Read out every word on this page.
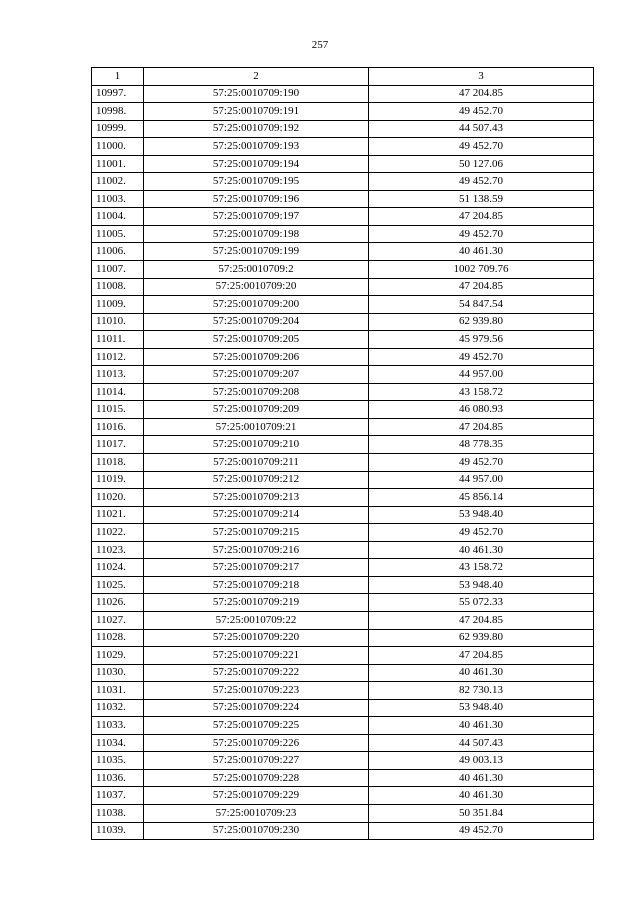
257
1	2	3
10997.	57:25:0010709:190	47 204.85
10998.	57:25:0010709:191	49 452.70
10999.	57:25:0010709:192	44 507.43
11000.	57:25:0010709:193	49 452.70
11001.	57:25:0010709:194	50 127.06
11002.	57:25:0010709:195	49 452.70
11003.	57:25:0010709:196	51 138.59
11004.	57:25:0010709:197	47 204.85
11005.	57:25:0010709:198	49 452.70
11006.	57:25:0010709:199	40 461.30
11007.	57:25:0010709:2	1002 709.76
11008.	57:25:0010709:20	47 204.85
11009.	57:25:0010709:200	54 847.54
11010.	57:25:0010709:204	62 939.80
11011.	57:25:0010709:205	45 979.56
11012.	57:25:0010709:206	49 452.70
11013.	57:25:0010709:207	44 957.00
11014.	57:25:0010709:208	43 158.72
11015.	57:25:0010709:209	46 080.93
11016.	57:25:0010709:21	47 204.85
11017.	57:25:0010709:210	48 778.35
11018.	57:25:0010709:211	49 452.70
11019.	57:25:0010709:212	44 957.00
11020.	57:25:0010709:213	45 856.14
11021.	57:25:0010709:214	53 948.40
11022.	57:25:0010709:215	49 452.70
11023.	57:25:0010709:216	40 461.30
11024.	57:25:0010709:217	43 158.72
11025.	57:25:0010709:218	53 948.40
11026.	57:25:0010709:219	55 072.33
11027.	57:25:0010709:22	47 204.85
11028.	57:25:0010709:220	62 939.80
11029.	57:25:0010709:221	47 204.85
11030.	57:25:0010709:222	40 461.30
11031.	57:25:0010709:223	82 730.13
11032.	57:25:0010709:224	53 948.40
11033.	57:25:0010709:225	40 461.30
11034.	57:25:0010709:226	44 507.43
11035.	57:25:0010709:227	49 003.13
11036.	57:25:0010709:228	40 461.30
11037.	57:25:0010709:229	40 461.30
11038.	57:25:0010709:23	50 351.84
11039.	57:25:0010709:230	49 452.70
